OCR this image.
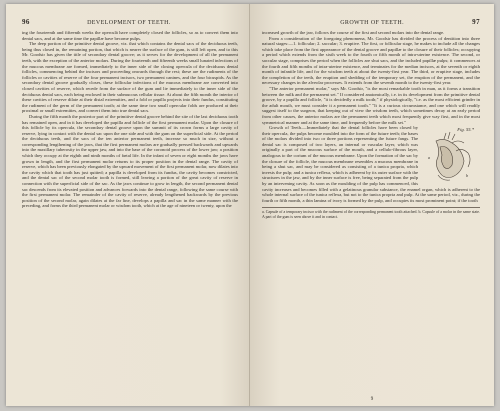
96	DEVELOPMENT OF TEETH.

ing the fourteenth and fifteenth weeks the operculă have completely closed the follicles, so as to convert them into dental sacs, and at the same time the papillæ have become pulps.

The deep portion of the primitive dental groove, viz. that which contains the dental sacs of the deciduous teeth, being thus closed in, the remaining portion, that which is nearer the surface of the gum, is still left open, and to this Mr. Goodsir has given the title of secondary dental groove; as it serves for the development of all the permanent teeth, with the exception of the anterior molars. During the fourteenth and fifteenth weeks small lunated infections of the mucous membrane are formed, immediately to the inner side of the closing opercula of the deciduous dental follicles, commencing behind the incisors and proceeding onwards through the rest; these are the rudiments of the follicles or cavities of reserve of the four permanent incisors, two permanent canines, and the four bicuspids. As the secondary dental groove gradually closes, these follicular infections of the mucous membrane are converted into closed cavities of reserve, which recede from the surface of the gum and lie immediately to the inner side of the deciduous dental sacs, each being enclosed in their submucous cellular tissue. At about the fifth month the interior of these cavities of reserve dilate at their distal extremities, and a fold or papilla projects into their fundus, constituting the rudiment of the germ of the permanent tooth; at the same time two small opercular folds are produced at their proximal or small extremities, and convert them into true dental sacs.

During the fifth month the posterior part of the primitive dental groove behind the site of the last deciduous tooth has remained open, and in it has developed the papilla and follicle of the first permanent molar. Upon the closure of this follicle by its opercula, the secondary dental groove upon the summit of its crown forms a large cavity of reserve, lying in contact with the dental sac upon the one side and with the gum on the superficial side. At the period the deciduous teeth, and the sacs of the ten anterior permanent teeth, increase so much in size, without a corresponding lengthening of the jaws, that the first permanent molars are gradually pressed backwards and upwards into the maxillary tuberosity in the upper jaw, and into the base of the coronoid process of the lower jaw; a position which they occupy at the eighth and ninth months of fœtal life. In the infant of seven or eight months the jaws have grown in length, and the first permanent molar returns to its proper position in the dental range. The cavity of reserve, which has been previously elongated by the upward movement of the first permanent molar, now dilates into the cavity which that tooth has just quitted; a papilla is developed from its fundus, the cavity becomes constricted, and the dental sac of the second molar tooth is formed, still leaving a portion of the great cavity of reserve in connection with the superficial side of the sac. As the jaws continue to grow in length, the second permanent dental sac descends from its elevated position and advances forwards into the dental range, following the same course with the first permanent molar. The remainder of the cavity of reserve, already lengthened backwards by the previous position of the second molar, again dilates at the far line, develops a papilla and sac in the same manner with the preceding, and forms the third permanent molar or wisdom tooth, which at the age of nineteen or twenty, upon the

GROWTH OF TEETH.	97

increased growth of the jaw, follows the course of the first and second molars into the dental range.

From a consideration of the foregoing phenomena, Mr. Goodsir has divided the process of dentition into three natural stages:—1. follicular; 2. saccular; 3. eruptive. The first, or follicular stage, he makes to include all the changes which take place from the first appearance of the dental groove and papillæ to the closure of their follicles; occupying a period which extends from the sixth week to the fourth or fifth month of intra-uterine existence. The second, or saccular stage, comprises the period when the follicles are shut sacs, and the included papillæ pulps; it commences at the fourth and fifth months of intra-uterine existence, and terminates for the median incisors, at the seventh or eighth month of infantile life, and for the wisdom teeth at about the twenty-first year. The third, or eruptive stage, includes the completion of the teeth, the eruption and shedding of the temporary set, the eruption of the permanent, and the necessary changes in the alveolar processes. It extends from the seventh month to the twenty-first year.

"The anterior permanent molar," says Mr. Goodsir, "is the most remarkable tooth in man, as it forms a transition between the milk and the permanent set." If considered anatomically, i.e. in its development from the primitive dental groove, by a papilla and follicle, "it is decidedly a milk tooth;" if physiologically, "i.e. as the most efficient grinder in the adult mouth, we must consider it a permanent tooth." "It is a curious circumstance, and one which will readily suggest itself to the surgeon, that keeping out of view the wisdom teeth, which sometimes decay at an early period from other causes, the anterior molars are the permanent teeth which most frequently give way first, and in the most symmetrical manner and at the same time, and frequently before the milk set."

Fig. 55.*
a
b

Growth of Teeth.—Immediately that the dental follicles have been closed by their opercula, the pulps become moulded into the form of the future teeth; the bases of the molars divided into two or three portions representing the future fangs. The dental sac is composed of two layers, an internal or vascular layer, which was originally a part of the mucous surface of the mouth, and a cellulo-fibrous layer, analogous to the corium of the mucous membrane. Upon the formation of the sac by the closure of the follicle, the mucous membrane resembles a mucous membrane in being a shut sac, and may be considered as consisting of a tunica propria, which invests the pulp; and a tunica reflexa, which is adherent by its outer surface with the structures in the jaw, and by the inner surface is free, being separated from the pulp by an intervening cavity. As soon as the moulding of the pulp has commenced, this cavity increases and becomes filled with a gelatinous granular substance, the enamel organ, which is adherent to the whole internal surface of the tunica reflexa, but not to the tunica propria and pulp. At the same period, viz., during the fourth or fifth month, a thin lamina of ivory is formed by the pulp, and occupies its most prominent point; if the tooth

a. Capsule of a temporary incisor with the rudiment of the corresponding permanent tooth attached. b. Capsule of a molar in the same state. A part of the gum is seen above it and in contact.
9
